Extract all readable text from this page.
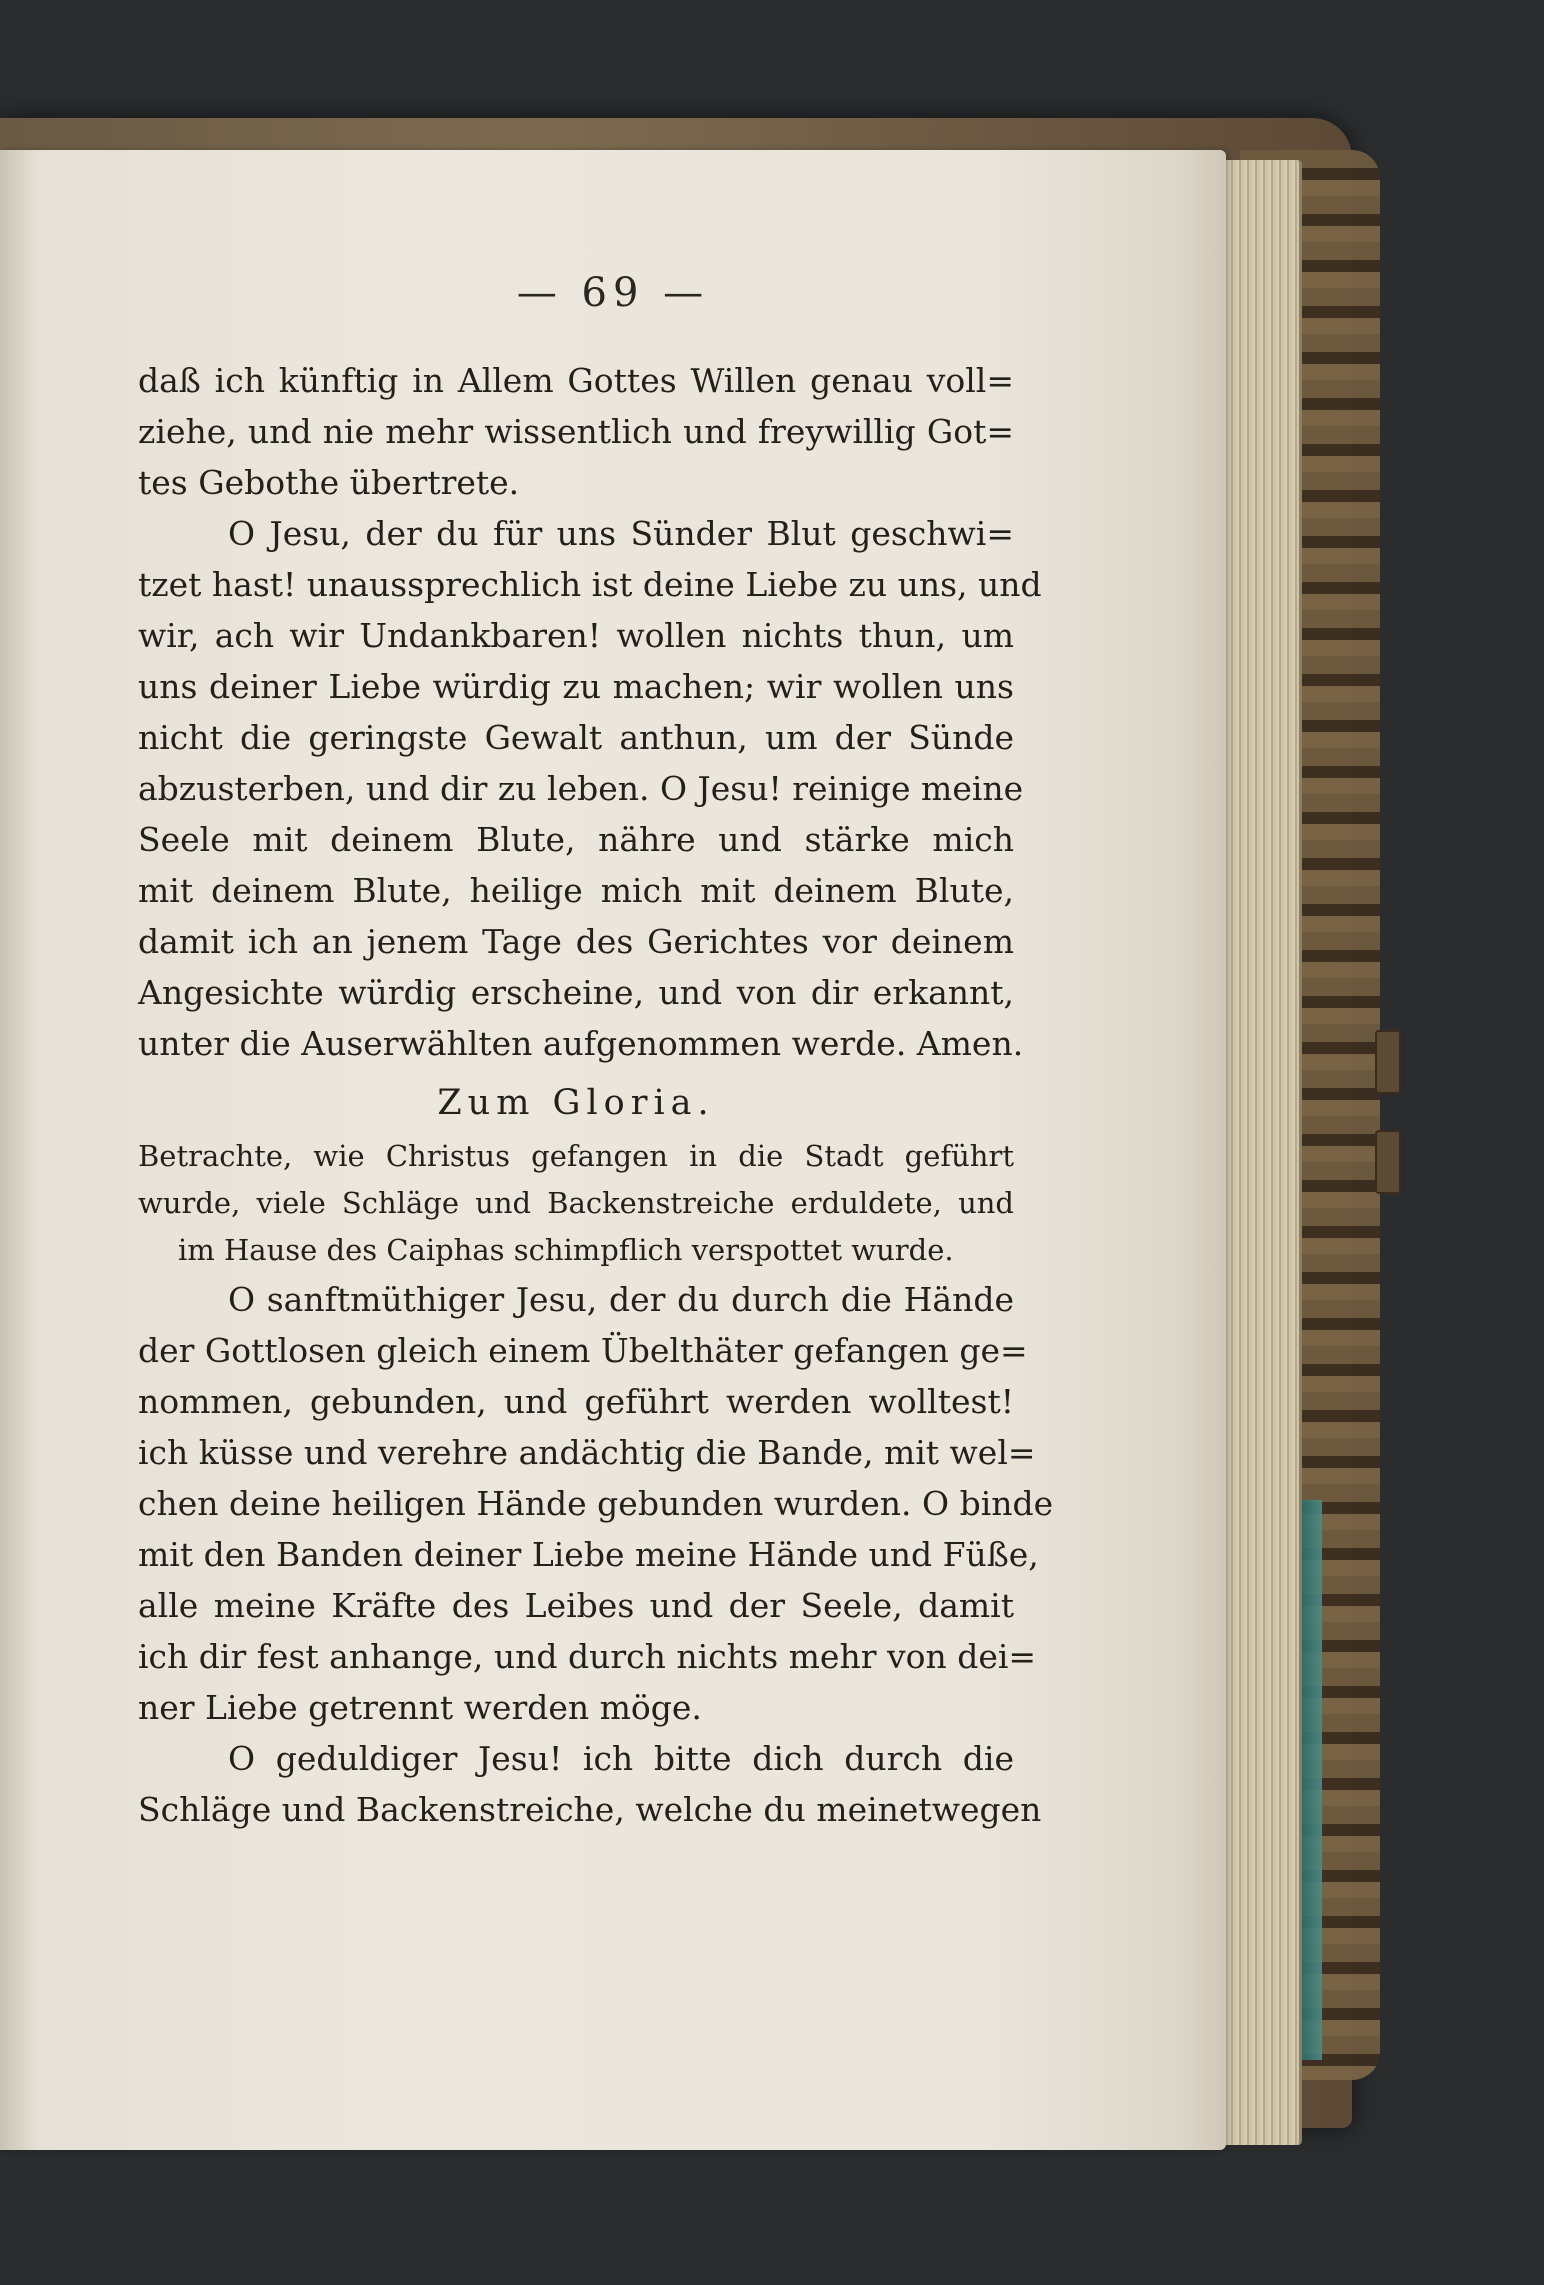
— 69 —
daß ich künftig in Allem Gottes Willen genau voll=
ziehe, und nie mehr wissentlich und freywillig Got=
tes Gebothe übertrete.
O Jesu, der du für uns Sünder Blut geschwi=
tzet hast! unaussprechlich ist deine Liebe zu uns, und
wir, ach wir Undankbaren! wollen nichts thun, um
uns deiner Liebe würdig zu machen; wir wollen uns
nicht die geringste Gewalt anthun, um der Sünde
abzusterben, und dir zu leben. O Jesu! reinige meine
Seele mit deinem Blute, nähre und stärke mich
mit deinem Blute, heilige mich mit deinem Blute,
damit ich an jenem Tage des Gerichtes vor deinem
Angesichte würdig erscheine, und von dir erkannt,
unter die Auserwählten aufgenommen werde. Amen.
Zum Gloria.
Betrachte, wie Christus gefangen in die Stadt geführt
wurde, viele Schläge und Backenstreiche erduldete, und
im Hause des Caiphas schimpflich verspottet wurde.
O sanftmüthiger Jesu, der du durch die Hände
der Gottlosen gleich einem Übelthäter gefangen ge=
nommen, gebunden, und geführt werden wolltest!
ich küsse und verehre andächtig die Bande, mit wel=
chen deine heiligen Hände gebunden wurden. O binde
mit den Banden deiner Liebe meine Hände und Füße,
alle meine Kräfte des Leibes und der Seele, damit
ich dir fest anhange, und durch nichts mehr von dei=
ner Liebe getrennt werden möge.
O geduldiger Jesu! ich bitte dich durch die
Schläge und Backenstreiche, welche du meinetwegen
